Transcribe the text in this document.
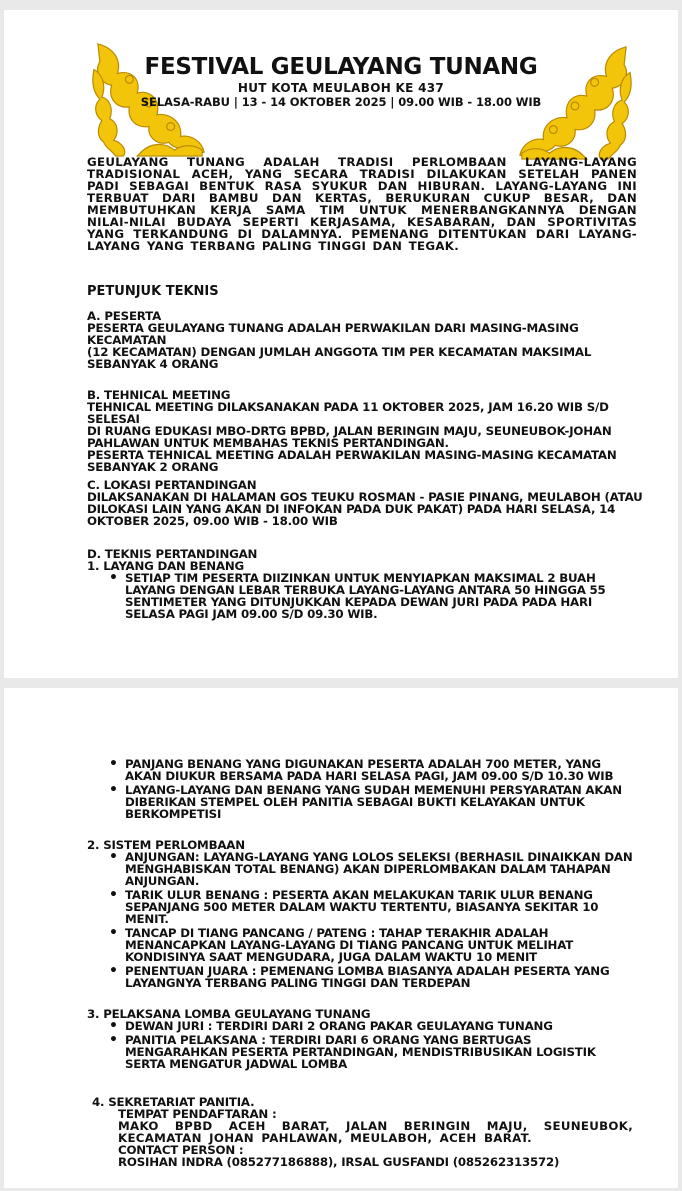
FESTIVAL GEULAYANG TUNANG
HUT KOTA MEULABOH KE 437
SELASA-RABU | 13 - 14 OKTOBER 2025 | 09.00 WIB - 18.00 WIB
GEULAYANG TUNANG ADALAH TRADISI PERLOMBAAN LAYANG-LAYANG TRADISIONAL ACEH, YANG SECARA TRADISI DILAKUKAN SETELAH PANEN PADI SEBAGAI BENTUK RASA SYUKUR DAN HIBURAN. LAYANG-LAYANG INI TERBUAT DARI BAMBU DAN KERTAS, BERUKURAN CUKUP BESAR, DAN MEMBUTUHKAN KERJA SAMA TIM UNTUK MENERBANGKANNYA DENGAN NILAI-NILAI BUDAYA SEPERTI KERJASAMA, KESABARAN, DAN SPORTIVITAS YANG TERKANDUNG DI DALAMNYA. PEMENANG DITENTUKAN DARI LAYANG-LAYANG YANG TERBANG PALING TINGGI DAN TEGAK.
PETUNJUK TEKNIS
A. PESERTA
PESERTA GEULAYANG TUNANG ADALAH PERWAKILAN DARI MASING-MASING KECAMATAN
(12 KECAMATAN) DENGAN JUMLAH ANGGOTA TIM PER KECAMATAN MAKSIMAL
SEBANYAK 4 ORANG
B. TEHNICAL MEETING
TEHNICAL MEETING DILAKSANAKAN PADA 11 OKTOBER 2025, JAM 16.20 WIB S/D SELESAI
DI RUANG EDUKASI MBO-DRTG BPBD, JALAN BERINGIN MAJU, SEUNEUBOK-JOHAN
PAHLAWAN UNTUK MEMBAHAS TEKNIS PERTANDINGAN.
PESERTA TEHNICAL MEETING ADALAH PERWAKILAN MASING-MASING KECAMATAN
SEBANYAK 2 ORANG
C. LOKASI PERTANDINGAN
DILAKSANAKAN DI HALAMAN GOS TEUKU ROSMAN - PASIE PINANG, MEULABOH (ATAU
DILOKASI LAIN YANG AKAN DI INFOKAN PADA DUK PAKAT) PADA HARI SELASA, 14
OKTOBER 2025, 09.00 WIB - 18.00 WIB
D. TEKNIS PERTANDINGAN
1. LAYANG DAN BENANG
• SETIAP TIM PESERTA DIIZINKAN UNTUK MENYIAPKAN MAKSIMAL 2 BUAH LAYANG DENGAN LEBAR TERBUKA LAYANG-LAYANG ANTARA 50 HINGGA 55 SENTIMETER YANG DITUNJUKKAN KEPADA DEWAN JURI PADA PADA HARI SELASA PAGI JAM 09.00 S/D 09.30 WIB.
• PANJANG BENANG YANG DIGUNAKAN PESERTA ADALAH 700 METER, YANG AKAN DIUKUR BERSAMA PADA HARI SELASA PAGI, JAM 09.00 S/D 10.30 WIB
• LAYANG-LAYANG DAN BENANG YANG SUDAH MEMENUHI PERSYARATAN AKAN DIBERIKAN STEMPEL OLEH PANITIA SEBAGAI BUKTI KELAYAKAN UNTUK BERKOMPETISI
2. SISTEM PERLOMBAAN
• ANJUNGAN: LAYANG-LAYANG YANG LOLOS SELEKSI (BERHASIL DINAIKKAN DAN MENGHABISKAN TOTAL BENANG) AKAN DIPERLOMBAKAN DALAM TAHAPAN ANJUNGAN.
• TARIK ULUR BENANG : PESERTA AKAN MELAKUKAN TARIK ULUR BENANG SEPANJANG 500 METER DALAM WAKTU TERTENTU, BIASANYA SEKITAR 10 MENIT.
• TANCAP DI TIANG PANCANG / PATENG : TAHAP TERAKHIR ADALAH MENANCAPKAN LAYANG-LAYANG DI TIANG PANCANG UNTUK MELIHAT KONDISINYA SAAT MENGUDARA, JUGA DALAM WAKTU 10 MENIT
• PENENTUAN JUARA : PEMENANG LOMBA BIASANYA ADALAH PESERTA YANG LAYANGNYA TERBANG PALING TINGGI DAN TERDEPAN
3. PELAKSANA LOMBA GEULAYANG TUNANG
• DEWAN JURI : TERDIRI DARI 2 ORANG PAKAR GEULAYANG TUNANG
• PANITIA PELAKSANA : TERDIRI DARI 6 ORANG YANG BERTUGAS MENGARAHKAN PESERTA PERTANDINGAN, MENDISTRIBUSIKAN LOGISTIK SERTA MENGATUR JADWAL LOMBA
4. SEKRETARIAT PANITIA.
TEMPAT PENDAFTARAN :
MAKO BPBD ACEH BARAT, JALAN BERINGIN MAJU, SEUNEUBOK, KECAMATAN JOHAN PAHLAWAN, MEULABOH, ACEH BARAT.
CONTACT PERSON :
ROSIHAN INDRA (085277186888), IRSAL GUSFANDI (085262313572)
